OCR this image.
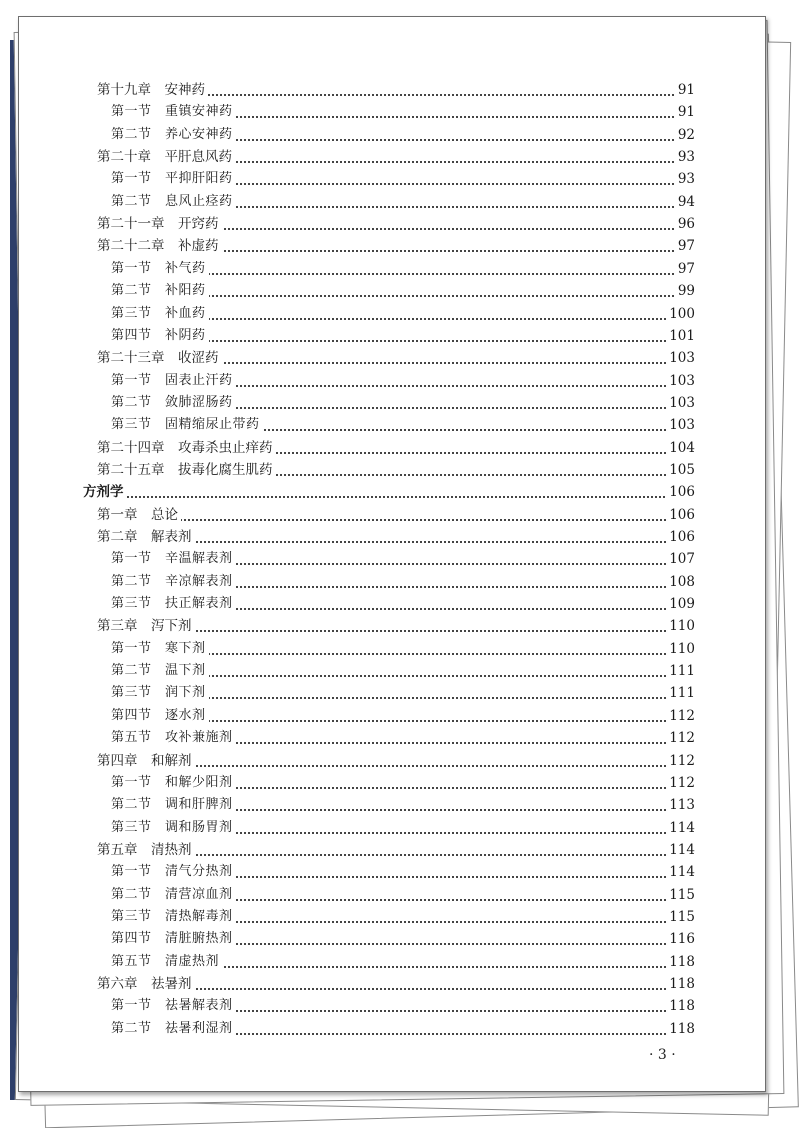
第十九章　安神药	91
第一节　重镇安神药	91
第二节　养心安神药	92
第二十章　平肝息风药	93
第一节　平抑肝阳药	93
第二节　息风止痉药	94
第二十一章　开窍药	96
第二十二章　补虚药	97
第一节　补气药	97
第二节　补阳药	99
第三节　补血药	100
第四节　补阴药	101
第二十三章　收涩药	103
第一节　固表止汗药	103
第二节　敛肺涩肠药	103
第三节　固精缩尿止带药	103
第二十四章　攻毒杀虫止痒药	104
第二十五章　拔毒化腐生肌药	105
方剂学	106
第一章　总论	106
第二章　解表剂	106
第一节　辛温解表剂	107
第二节　辛凉解表剂	108
第三节　扶正解表剂	109
第三章　泻下剂	110
第一节　寒下剂	110
第二节　温下剂	111
第三节　润下剂	111
第四节　逐水剂	112
第五节　攻补兼施剂	112
第四章　和解剂	112
第一节　和解少阳剂	112
第二节　调和肝脾剂	113
第三节　调和肠胃剂	114
第五章　清热剂	114
第一节　清气分热剂	114
第二节　清营凉血剂	115
第三节　清热解毒剂	115
第四节　清脏腑热剂	116
第五节　清虚热剂	118
第六章　祛暑剂	118
第一节　祛暑解表剂	118
第二节　祛暑利湿剂	118
· 3 ·
